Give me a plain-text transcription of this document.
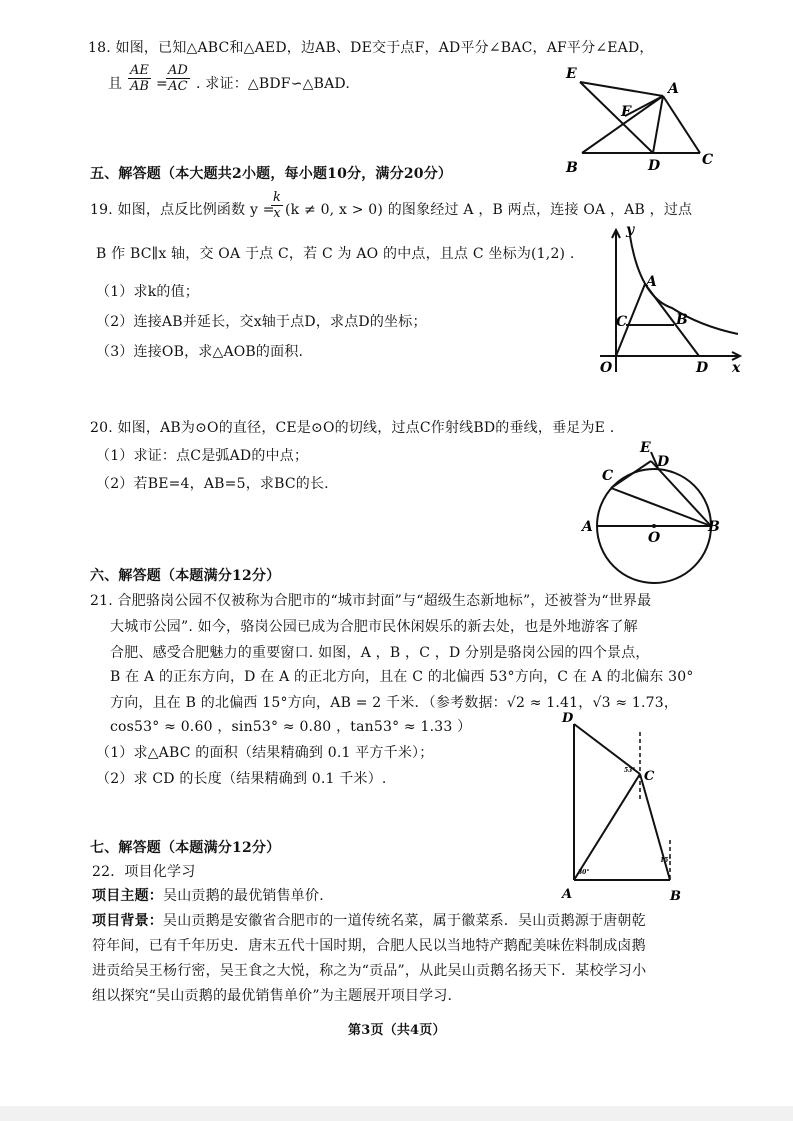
18. 如图，已知△ABC和△AED，边AB、DE交于点F，AD平分∠BAC，AF平分∠EAD，
且 $\frac{AE}{AB}$ =
$\frac{AD}{AC}$ . 求证：△BDF∽△BAD.
E
A
F
B	D	C
五、解答题（本大题共2小题，每小题10分，满分20分）
19. 如图，点反比例函数 y =
$\frac{k}{x} (k \ne 0$, x > 0) 的图象经过 A ，B 两点，连接 OA ，AB ，过点
B 作 BC∥x 轴，交 OA 于点 C，若 C 为 AO 的中点，且点 C 坐标为(1,2) .
（1）求k的值；
（2）连接AB并延长，交x轴于点D，求点D的坐标；
（3）连接OB，求△AOB的面积.
y
A
C	B
O	D x
20. 如图，AB为⊙O的直径，CE是⊙O的切线，过点C作射线BD的垂线，垂足为E .
（1）求证：点C是弧AD的中点；
（2）若BE=4，AB=5，求BC的长.
E
D
C
A
O
B
六、解答题（本题满分12分）
21. 合肥骆岗公园不仅被称为合肥市的“城市封面”与“超级生态新地标”，还被誉为“世界最
大城市公园”. 如今，骆岗公园已成为合肥市民休闲娱乐的新去处，也是外地游客了解
合肥、感受合肥魅力的重要窗口. 如图，A ，B ，C ，D 分别是骆岗公园的四个景点，
B 在 A 的正东方向，D 在 A 的正北方向，且在 C 的北偏西 53°方向，C 在 A 的北偏东 30°
方向，且在 B 的北偏西 15°方向，AB = 2 千米．（参考数据：√2 ≈ 1.41，√3 ≈ 1.73，
cos53° ≈ 0.60 ，sin53° ≈ 0.80 ，tan53° ≈ 1.33 ）
（1）求△ABC 的面积（结果精确到 0.1 平方千米）；
（2）求 CD 的长度（结果精确到 0.1 千米）.
D
C
A	B
53°
30°
15°
七、解答题（本题满分12分）
22．项目化学习
项目主题：吴山贡鹅的最优销售单价.
项目背景：吴山贡鹅是安徽省合肥市的一道传统名菜，属于徽菜系．吴山贡鹅源于唐朝乾
符年间，已有千年历史．唐末五代十国时期，合肥人民以当地特产鹅配美味佐料制成卤鹅
进贡给吴王杨行密，吴王食之大悦，称之为“贡品”，从此吴山贡鹅名扬天下．某校学习小
组以探究“吴山贡鹅的最优销售单价”为主题展开项目学习.
第3页（共4页）
